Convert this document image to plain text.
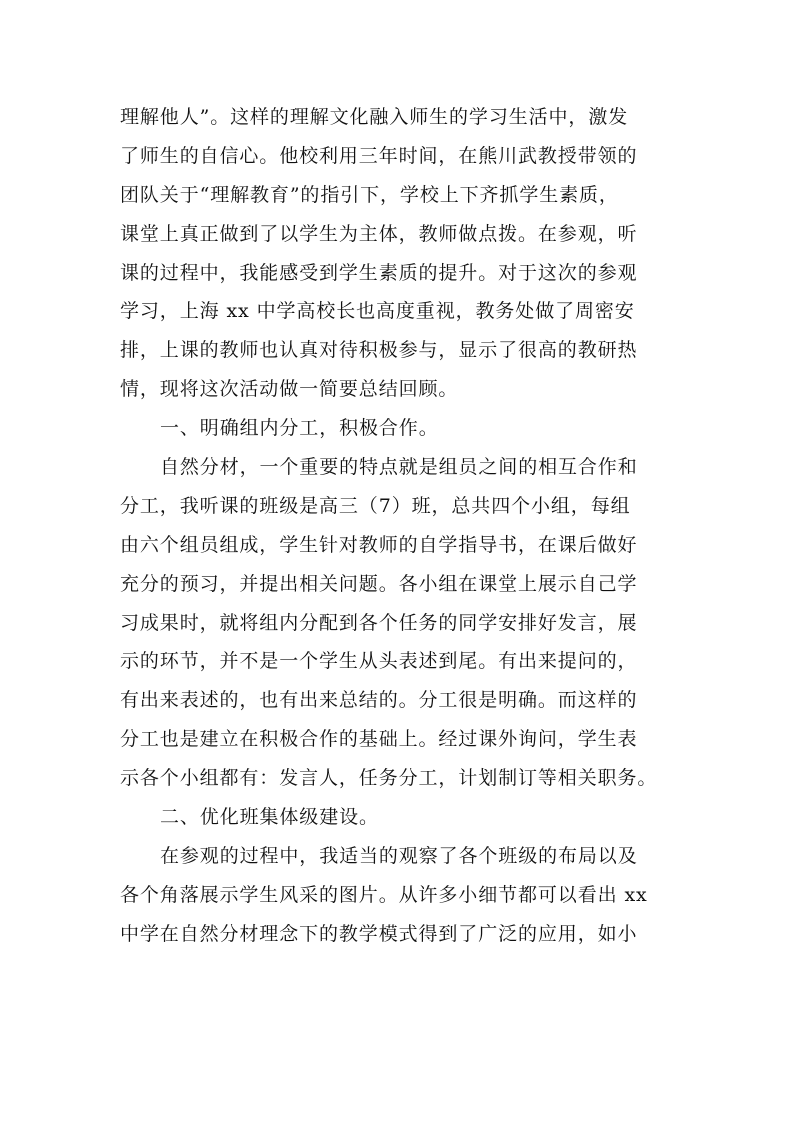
理解他人”。这样的理解文化融入师生的学习生活中，激发
了师生的自信心。他校利用三年时间，在熊川武教授带领的
团队关于“理解教育”的指引下，学校上下齐抓学生素质，
课堂上真正做到了以学生为主体，教师做点拨。在参观，听
课的过程中，我能感受到学生素质的提升。对于这次的参观
学习，上海 xx 中学高校长也高度重视，教务处做了周密安
排，上课的教师也认真对待积极参与，显示了很高的教研热
情，现将这次活动做一简要总结回顾。
一、明确组内分工，积极合作。
自然分材，一个重要的特点就是组员之间的相互合作和
分工，我听课的班级是高三（7）班，总共四个小组，每组
由六个组员组成，学生针对教师的自学指导书，在课后做好
充分的预习，并提出相关问题。各小组在课堂上展示自己学
习成果时，就将组内分配到各个任务的同学安排好发言，展
示的环节，并不是一个学生从头表述到尾。有出来提问的，
有出来表述的，也有出来总结的。分工很是明确。而这样的
分工也是建立在积极合作的基础上。经过课外询问，学生表
示各个小组都有：发言人，任务分工，计划制订等相关职务。
二、优化班集体级建设。
在参观的过程中，我适当的观察了各个班级的布局以及
各个角落展示学生风采的图片。从许多小细节都可以看出 xx
中学在自然分材理念下的教学模式得到了广泛的应用，如小
